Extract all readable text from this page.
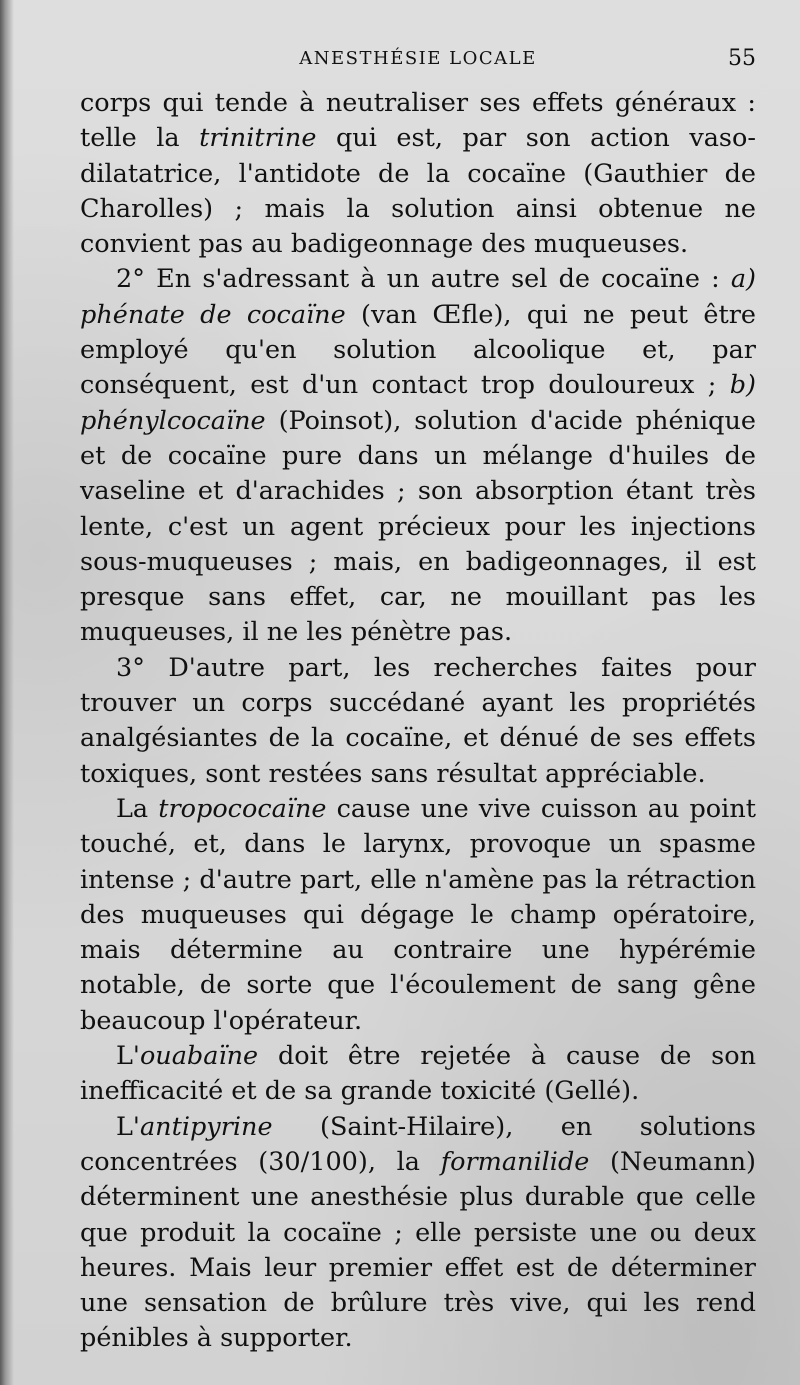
ANESTHÉSIE LOCALE	55

corps qui tende à neutraliser ses effets généraux : telle la trinitrine qui est, par son action vaso-dilatatrice, l'antidote de la cocaïne (Gauthier de Charolles) ; mais la solution ainsi obtenue ne convient pas au badigeonnage des muqueuses.

2° En s'adressant à un autre sel de cocaïne : a) phénate de cocaïne (van Œfle), qui ne peut être employé qu'en solution alcoolique et, par conséquent, est d'un contact trop douloureux ; b) phénylcocaïne (Poinsot), solution d'acide phénique et de cocaïne pure dans un mélange d'huiles de vaseline et d'arachides ; son absorption étant très lente, c'est un agent précieux pour les injections sous-muqueuses ; mais, en badigeonnages, il est presque sans effet, car, ne mouillant pas les muqueuses, il ne les pénètre pas.

3° D'autre part, les recherches faites pour trouver un corps succédané ayant les propriétés analgésiantes de la cocaïne, et dénué de ses effets toxiques, sont restées sans résultat appréciable.

La tropococaïne cause une vive cuisson au point touché, et, dans le larynx, provoque un spasme intense ; d'autre part, elle n'amène pas la rétraction des muqueuses qui dégage le champ opératoire, mais détermine au contraire une hypérémie notable, de sorte que l'écoulement de sang gêne beaucoup l'opérateur.

L'ouabaïne doit être rejetée à cause de son inefficacité et de sa grande toxicité (Gellé).

L'antipyrine (Saint-Hilaire), en solutions concentrées (30/100), la formanilide (Neumann) déterminent une anesthésie plus durable que celle que produit la cocaïne ; elle persiste une ou deux heures. Mais leur premier effet est de déterminer une sensation de brûlure très vive, qui les rend pénibles à supporter.
